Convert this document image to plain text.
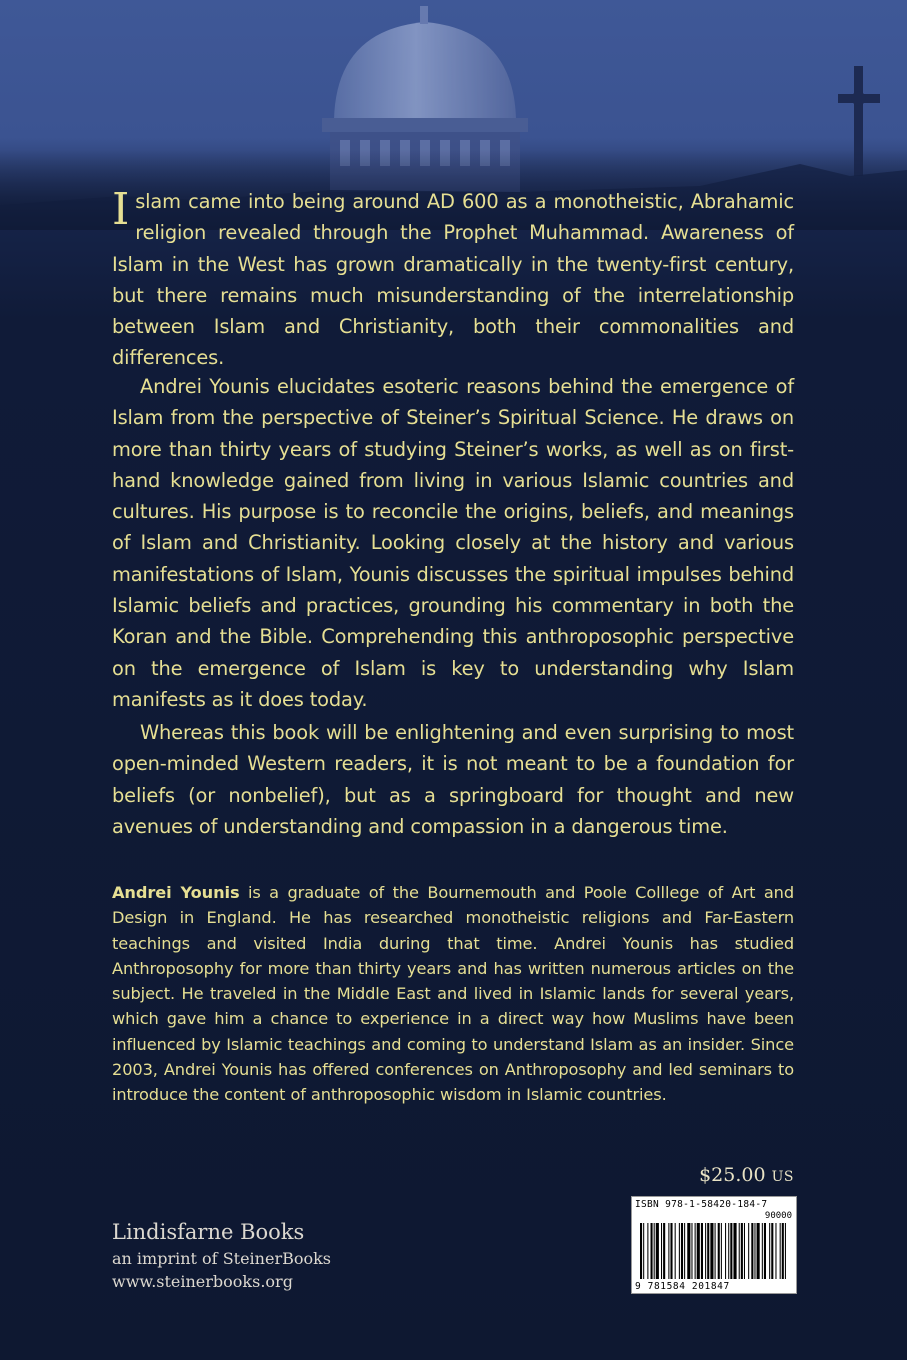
Islam came into being around AD 600 as a monotheistic, Abrahamic religion revealed through the Prophet Muhammad. Awareness of Islam in the West has grown dramatically in the twenty-first century, but there remains much misunderstanding of the interrelationship between Islam and Christianity, both their commonalities and differences.

Andrei Younis elucidates esoteric reasons behind the emergence of Islam from the perspective of Steiner’s Spiritual Science. He draws on more than thirty years of studying Steiner’s works, as well as on first-hand knowledge gained from living in various Islamic countries and cultures. His purpose is to reconcile the origins, beliefs, and meanings of Islam and Christianity. Looking closely at the history and various manifestations of Islam, Younis discusses the spiritual impulses behind Islamic beliefs and practices, grounding his commentary in both the Koran and the Bible. Comprehending this anthroposophic perspective on the emergence of Islam is key to understanding why Islam manifests as it does today.

Whereas this book will be enlightening and even surprising to most open-minded Western readers, it is not meant to be a foundation for beliefs (or nonbelief), but as a springboard for thought and new avenues of understanding and compassion in a dangerous time.

Andrei Younis is a graduate of the Bournemouth and Poole Colllege of Art and Design in England. He has researched monotheistic religions and Far-Eastern teachings and visited India during that time. Andrei Younis has studied Anthroposophy for more than thirty years and has written numerous articles on the subject. He traveled in the Middle East and lived in Islamic lands for several years, which gave him a chance to experience in a direct way how Muslims have been influenced by Islamic teachings and coming to understand Islam as an insider. Since 2003, Andrei Younis has offered conferences on Anthroposophy and led seminars to introduce the content of anthroposophic wisdom in Islamic countries.

$25.00 US
ISBN 978-1-58420-184-7
90000
9 781584 201847
Lindisfarne Books
an imprint of SteinerBooks
www.steinerbooks.org
